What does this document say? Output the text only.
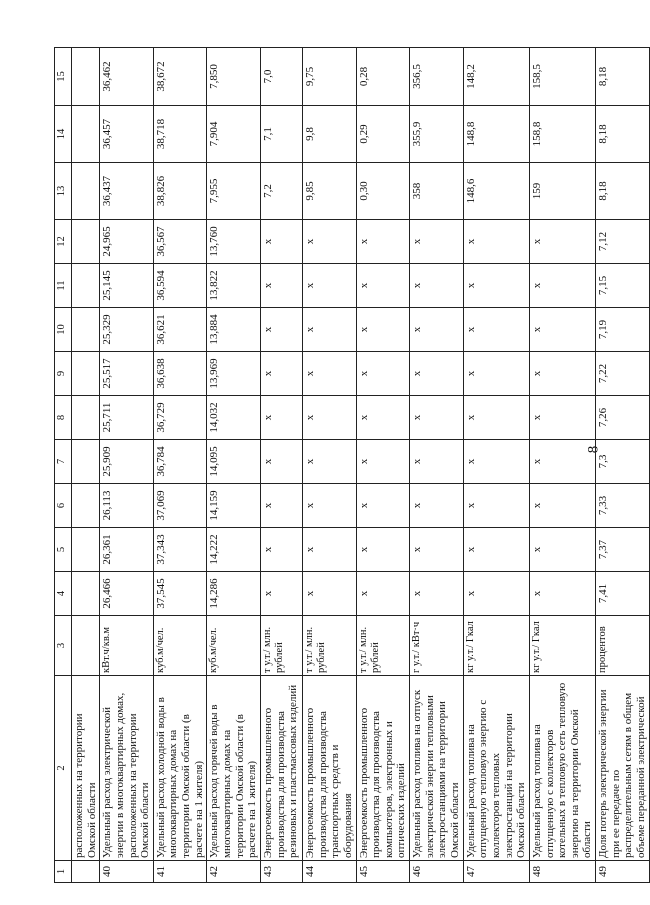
8
1	2	3	4	5	6	7	8	9	10	11	12	13	14	15
	расположенных на территории Омской области													
40	Удельный расход электрической энергии в многоквартирных домах, расположенных на территории Омской области	кВт.ч/кв.м	26,466	26,361	26,113	25,909	25,711	25,517	25,329	25,145	24,965	36,437	36,457	36,462
41	Удельный расход холодной воды в многоквартирных домах на территории Омской области (в расчете на 1 жителя)	куб.м/чел.	37,545	37,343	37,069	36,784	36,729	36,638	36,621	36,594	36,567	38,826	38,718	38,672
42	Удельный расход горячей воды в многоквартирных домах на территории Омской области (в расчете на 1 жителя)	куб.м/чел.	14,286	14,222	14,159	14,095	14,032	13,969	13,884	13,822	13,760	7,955	7,904	7,850
43	Энергоемкость промышленного производства для производства резиновых и пластмассовых изделий	т у.т./ млн. рублей	x	x	x	x	x	x	x	x	x	7,2	7,1	7,0
44	Энергоемкость промышленного производства для производства транспортных средств и оборудования	т у.т./ млн. рублей	x	x	x	x	x	x	x	x	x	9,85	9,8	9,75
45	Энергоемкость промышленного производства для производства компьютеров, электронных и оптических изделий	т у.т./ млн. рублей	x	x	x	x	x	x	x	x	x	0,30	0,29	0,28
46	Удельный расход топлива на отпуск электрической энергии тепловыми электростанциями на территории Омской области	г у.т./ кВт·ч	x	x	x	x	x	x	x	x	x	358	355,9	356,5
47	Удельный расход топлива на отпущенную тепловую энергию с коллекторов тепловых электростанций на территории Омской области	кг у.т./ Гкал	x	x	x	x	x	x	x	x	x	148,6	148,8	148,2
48	Удельный расход топлива на отпущенную с коллекторов котельных в тепловую сеть тепловую энергию на территории Омской области	кг у.т./ Гкал	x	x	x	x	x	x	x	x	x	159	158,8	158,5
49	Доля потерь электрической энергии при ее передаче по распределительным сетям в общем объеме переданной электрической	процентов	7,41	7,37	7,33	7,3	7,26	7,22	7,19	7,15	7,12	8,18	8,18	8,18
